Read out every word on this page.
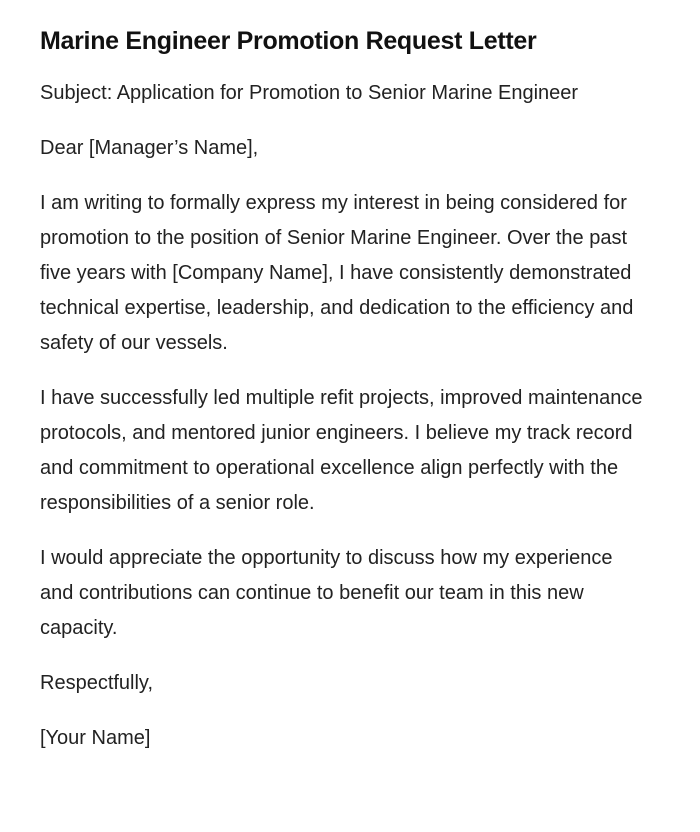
Marine Engineer Promotion Request Letter

Subject: Application for Promotion to Senior Marine Engineer

Dear [Manager’s Name],

I am writing to formally express my interest in being considered for promotion to the position of Senior Marine Engineer. Over the past five years with [Company Name], I have consistently demonstrated technical expertise, leadership, and dedication to the efficiency and safety of our vessels.

I have successfully led multiple refit projects, improved maintenance protocols, and mentored junior engineers. I believe my track record and commitment to operational excellence align perfectly with the responsibilities of a senior role.

I would appreciate the opportunity to discuss how my experience and contributions can continue to benefit our team in this new capacity.

Respectfully,

[Your Name]
